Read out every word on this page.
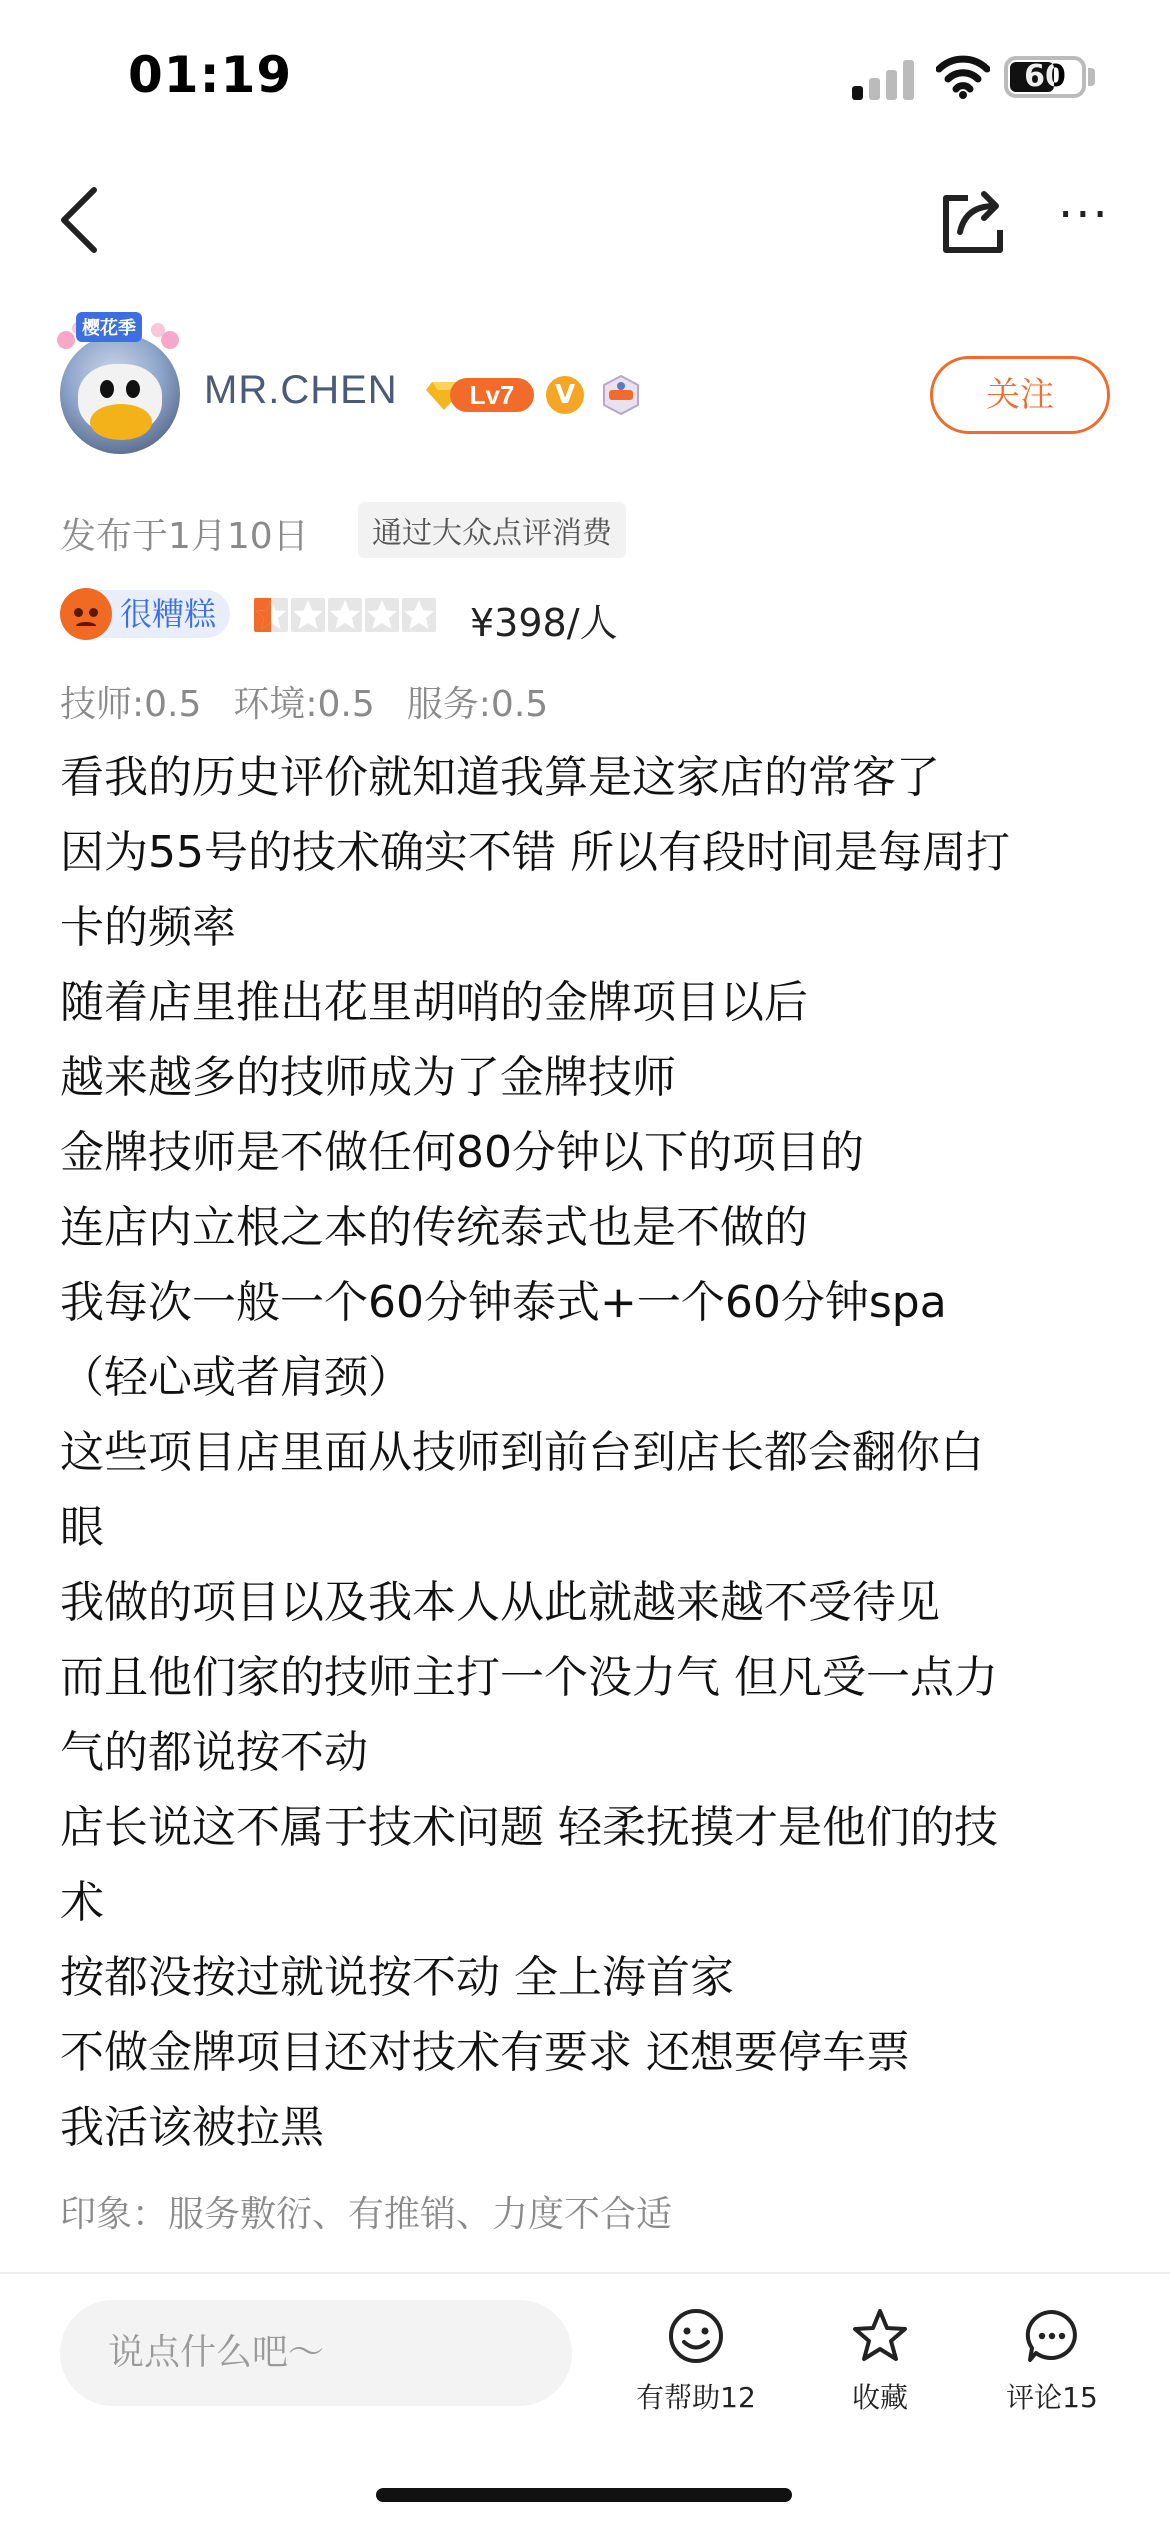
01:19	60
···
樱花季
MR.CHEN	Lv7	V	关注
发布于1月10日	通过大众点评消费
很糟糕	¥398/人
技师:0.5 环境:0.5 服务:0.5
看我的历史评价就知道我算是这家店的常客了
因为55号的技术确实不错 所以有段时间是每周打
卡的频率
随着店里推出花里胡哨的金牌项目以后
越来越多的技师成为了金牌技师
金牌技师是不做任何80分钟以下的项目的
连店内立根之本的传统泰式也是不做的
我每次一般一个60分钟泰式+一个60分钟spa
（轻心或者肩颈）
这些项目店里面从技师到前台到店长都会翻你白
眼
我做的项目以及我本人从此就越来越不受待见
而且他们家的技师主打一个没力气 但凡受一点力
气的都说按不动
店长说这不属于技术问题 轻柔抚摸才是他们的技
术
按都没按过就说按不动 全上海首家
不做金牌项目还对技术有要求 还想要停车票
我活该被拉黑
印象：服务敷衍、有推销、力度不合适
说点什么吧～
有帮助12	收藏	评论15
